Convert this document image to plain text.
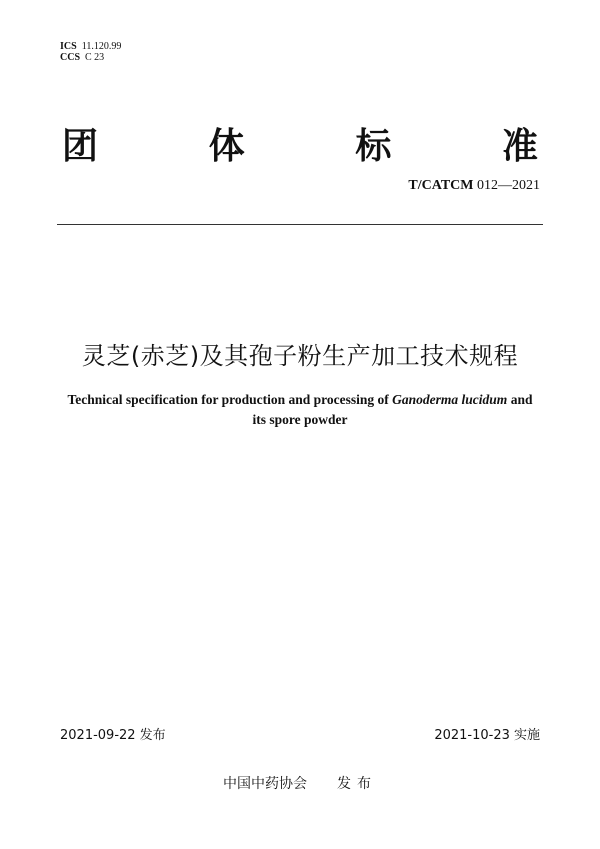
ICS 11.120.99
CCS C 23
团	体	标	准
T/CATCM 012—2021
灵芝(赤芝)及其孢子粉生产加工技术规程
Technical specification for production and processing of Ganoderma lucidum and its spore powder
2021-09-22 发布	2021-10-23 实施
中国中药协会 发布
